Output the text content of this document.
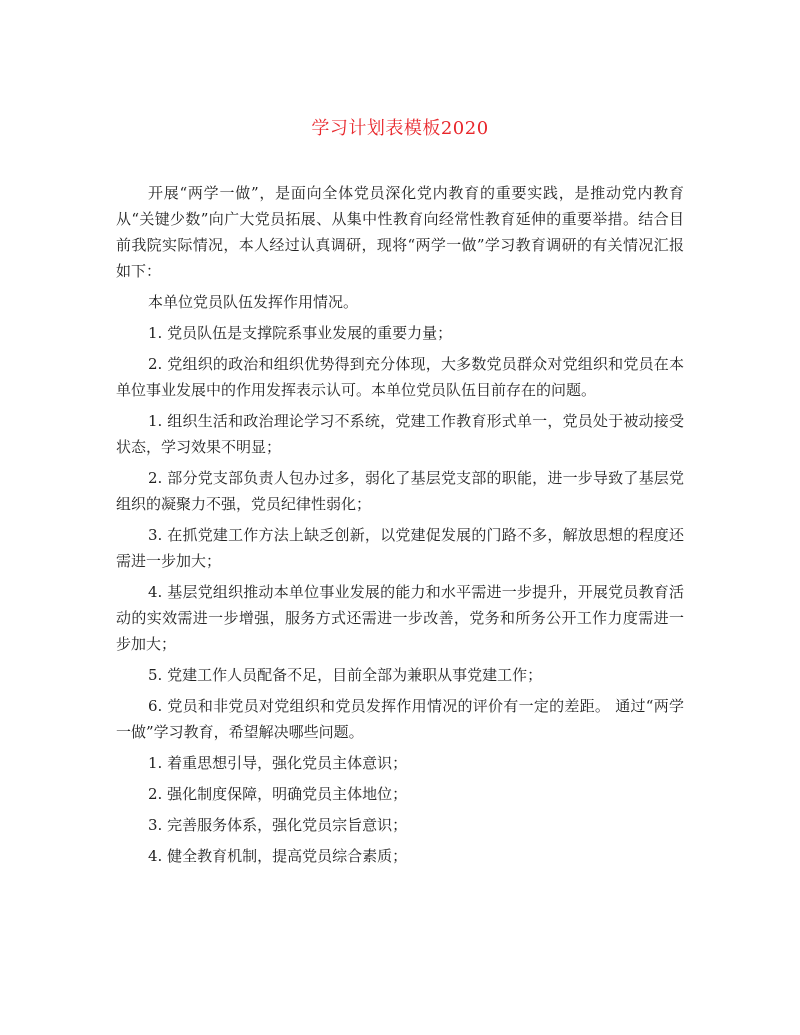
学习计划表模板2020

开展“两学一做”，是面向全体党员深化党内教育的重要实践，是推动党内教育从“关键少数”向广大党员拓展、从集中性教育向经常性教育延伸的重要举措。结合目前我院实际情况，本人经过认真调研，现将“两学一做”学习教育调研的有关情况汇报如下：

本单位党员队伍发挥作用情况。

1. 党员队伍是支撑院系事业发展的重要力量；

2. 党组织的政治和组织优势得到充分体现，大多数党员群众对党组织和党员在本单位事业发展中的作用发挥表示认可。本单位党员队伍目前存在的问题。

1. 组织生活和政治理论学习不系统，党建工作教育形式单一，党员处于被动接受状态，学习效果不明显；

2. 部分党支部负责人包办过多，弱化了基层党支部的职能，进一步导致了基层党组织的凝聚力不强，党员纪律性弱化；

3. 在抓党建工作方法上缺乏创新，以党建促发展的门路不多，解放思想的程度还需进一步加大；

4. 基层党组织推动本单位事业发展的能力和水平需进一步提升，开展党员教育活动的实效需进一步增强，服务方式还需进一步改善，党务和所务公开工作力度需进一步加大；

5. 党建工作人员配备不足，目前全部为兼职从事党建工作；

6. 党员和非党员对党组织和党员发挥作用情况的评价有一定的差距。 通过“两学一做”学习教育，希望解决哪些问题。

1. 着重思想引导，强化党员主体意识；

2. 强化制度保障，明确党员主体地位；

3. 完善服务体系，强化党员宗旨意识；

4. 健全教育机制，提高党员综合素质；
